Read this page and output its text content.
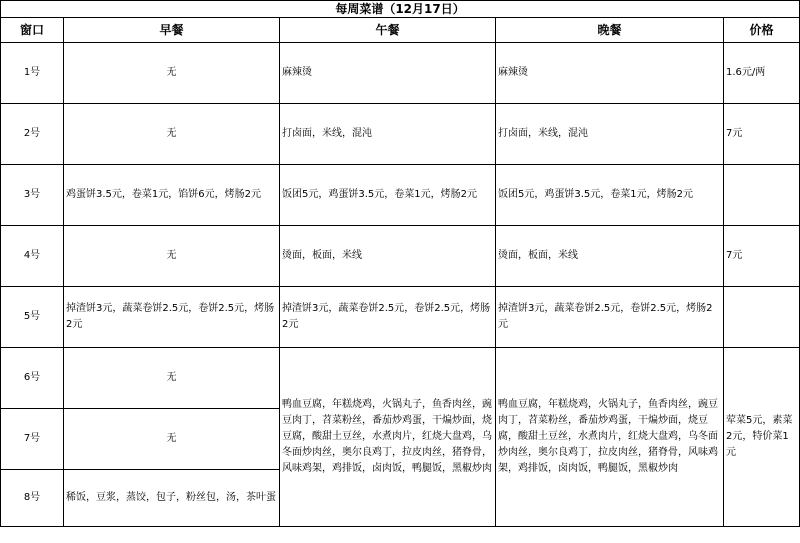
每周菜谱（12月17日）				
窗口	早餐	午餐	晚餐	价格
1号	无	麻辣烫	麻辣烫	1.6元/两
2号	无	打卤面，米线，混沌	打卤面，米线，混沌	7元
3号	鸡蛋饼3.5元，卷菜1元，馅饼6元，烤肠2元	饭团5元，鸡蛋饼3.5元，卷菜1元，烤肠2元	饭团5元，鸡蛋饼3.5元，卷菜1元，烤肠2元	
4号	无	烫面，板面，米线	烫面，板面，米线	7元
5号	掉渣饼3元，蔬菜卷饼2.5元，卷饼2.5元，烤肠2元	掉渣饼3元，蔬菜卷饼2.5元，卷饼2.5元，烤肠2元	掉渣饼3元，蔬菜卷饼2.5元，卷饼2.5元，烤肠2元	
6号	无	鸭血豆腐，年糕烧鸡，火锅丸子，鱼香肉丝，豌豆肉丁，苕菜粉丝，番茄炒鸡蛋，干煸炒面，烧豆腐，酸甜土豆丝，水煮肉片，红烧大盘鸡，乌冬面炒肉丝，奥尔良鸡丁，拉皮肉丝，猪脊骨，风味鸡架，鸡排饭，卤肉饭，鸭腿饭，黑椒炒肉	鸭血豆腐，年糕烧鸡，火锅丸子，鱼香肉丝，豌豆肉丁，苕菜粉丝，番茄炒鸡蛋，干煸炒面，烧豆腐，酸甜土豆丝，水煮肉片，红烧大盘鸡，乌冬面炒肉丝，奥尔良鸡丁，拉皮肉丝，猪脊骨，风味鸡架，鸡排饭，卤肉饭，鸭腿饭，黑椒炒肉	荤菜5元，素菜2元，特价菜1元
7号	无			
8号	稀饭，豆浆，蒸饺，包子，粉丝包，汤，茶叶蛋			
